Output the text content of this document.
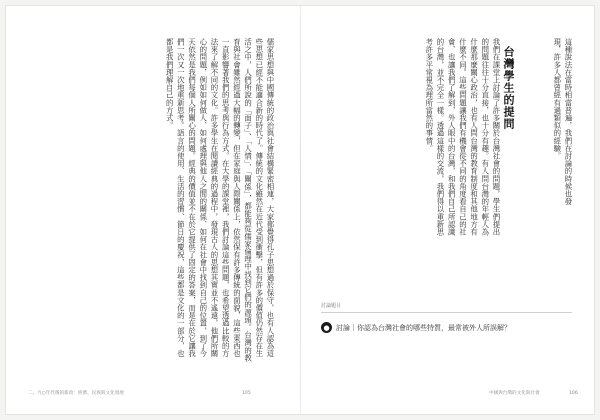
儒家思想與中國傳統的政治與社會結構緊密相連，大家都覺得孔子思想過於保守，也有人認為這些思想已經不能適合新的時代了。傳統的文化雖然在近代受到衝擊，但有許多的價值仍然存在生活之中，人們所說的「面子」、「人情」、「關係」，都能夠從儒家倫理中找到它們的源頭。台灣的教育與社會雖然經過大幅的轉變，但在家庭與人際關係上，依然保有許多傳統的面貌，這些東西也一直影響著我們的思考與行為方式。在大學的課堂裡，我們討論這些問題，也希望透過比較的方法來了解不同的文化。許多學生在閱讀經典的過程中，發現古人的思想其實並不遙遠，他們所關心的問題，例如如何做人、如何處理與他人之間的關係、如何在社會中找到自己的位置，到了今天依然是我們每個人所關心的問題。經典的價值並不在於它提供了固定的答案，而是在於它讓我們一次又一次地重新思考。語言的使用、生活的習慣、節日的慶祝，這些都是文化的一部分，也都是我們理解自己的方式。
二、九○年代後的新政：經濟、民族與文化發展	105
這種說法在當時相當普遍，我們在討論的時候也發現，許多人都曾經有過類似的經驗。
台灣學生的提問
我們在課堂上討論了許多關於台灣社會的問題，學生們提出的問題往往十分直接，也十分有趣。有人問台灣的年輕人為什麼那麼關心政治，也有人問台灣的教育制度和其他地方有什麼不同。這些問題讓我們有機會從不同的角度看自己的社會，也讓我們了解到，外人眼中的台灣，和我們自己所認識的台灣，並不完全一樣。透過這樣的交流，我們得以重新思考許多平常視為理所當然的事情。
討論題目
● 討論｜你認為台灣社會的哪些特質，最常被外人所誤解？
中國與台灣的文化與社會	106
